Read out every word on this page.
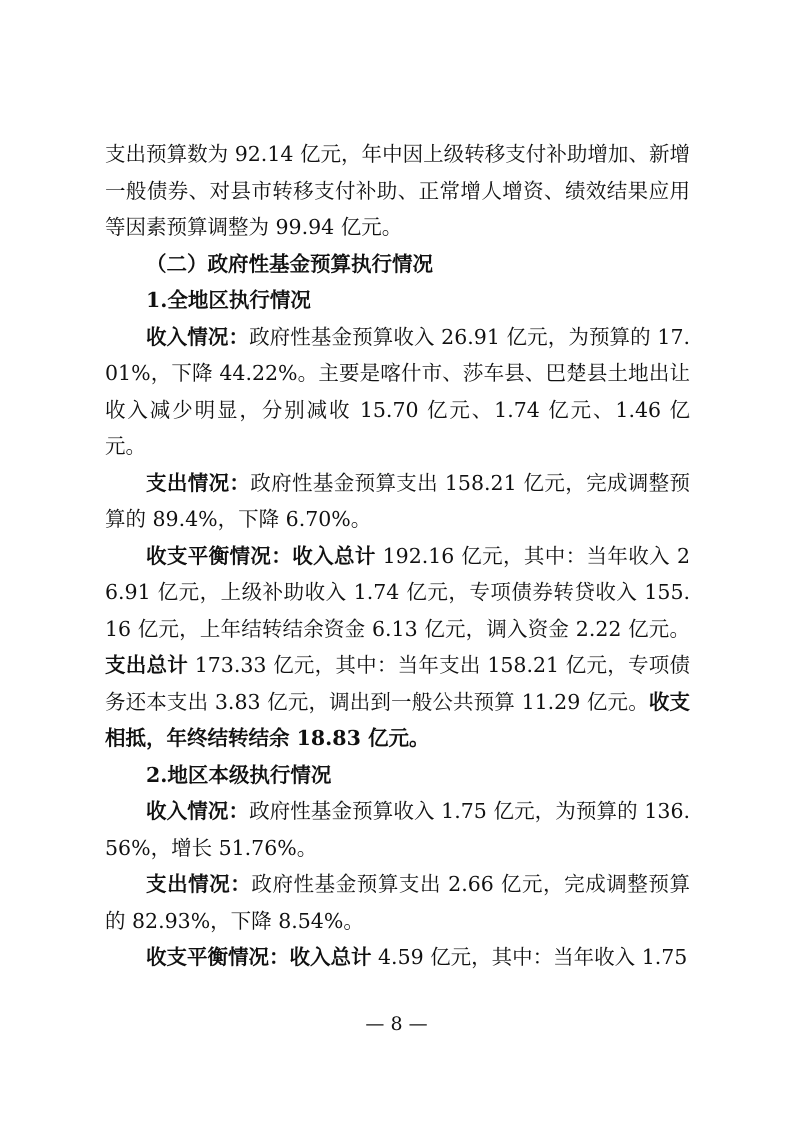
支出预算数为 92.14 亿元，年中因上级转移支付补助增加、新增一般债券、对县市转移支付补助、正常增人增资、绩效结果应用等因素预算调整为 99.94 亿元。

（二）政府性基金预算执行情况

1.全地区执行情况

收入情况：政府性基金预算收入 26.91 亿元，为预算的 17.01%，下降 44.22%。主要是喀什市、莎车县、巴楚县土地出让收入减少明显，分别减收 15.70 亿元、1.74 亿元、1.46 亿元。

支出情况：政府性基金预算支出 158.21 亿元，完成调整预算的 89.4%，下降 6.70%。

收支平衡情况：收入总计 192.16 亿元，其中：当年收入 26.91 亿元，上级补助收入 1.74 亿元，专项债券转贷收入 155.16 亿元，上年结转结余资金 6.13 亿元，调入资金 2.22 亿元。支出总计 173.33 亿元，其中：当年支出 158.21 亿元，专项债务还本支出 3.83 亿元，调出到一般公共预算 11.29 亿元。收支相抵，年终结转结余 18.83 亿元。

2.地区本级执行情况

收入情况：政府性基金预算收入 1.75 亿元，为预算的 136.56%，增长 51.76%。

支出情况：政府性基金预算支出 2.66 亿元，完成调整预算的 82.93%，下降 8.54%。

收支平衡情况：收入总计 4.59 亿元，其中：当年收入 1.75

— 8 —
